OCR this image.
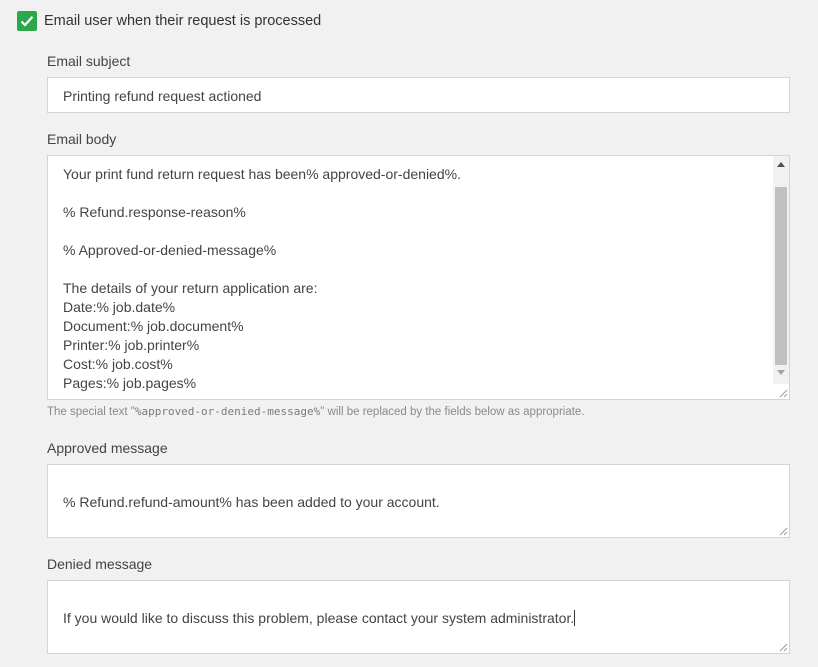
Email user when their request is processed
Email subject
Printing refund request actioned
Email body
Your print fund return request has been% approved-or-denied%.
% Refund.response-reason%
% Approved-or-denied-message%
The details of your return application are:
Date:% job.date%
Document:% job.document%
Printer:% job.printer%
Cost:% job.cost%
Pages:% job.pages%
The special text "%approved-or-denied-message%" will be replaced by the fields below as appropriate.
Approved message
% Refund.refund-amount% has been added to your account.
Denied message
If you would like to discuss this problem, please contact your system administrator.
